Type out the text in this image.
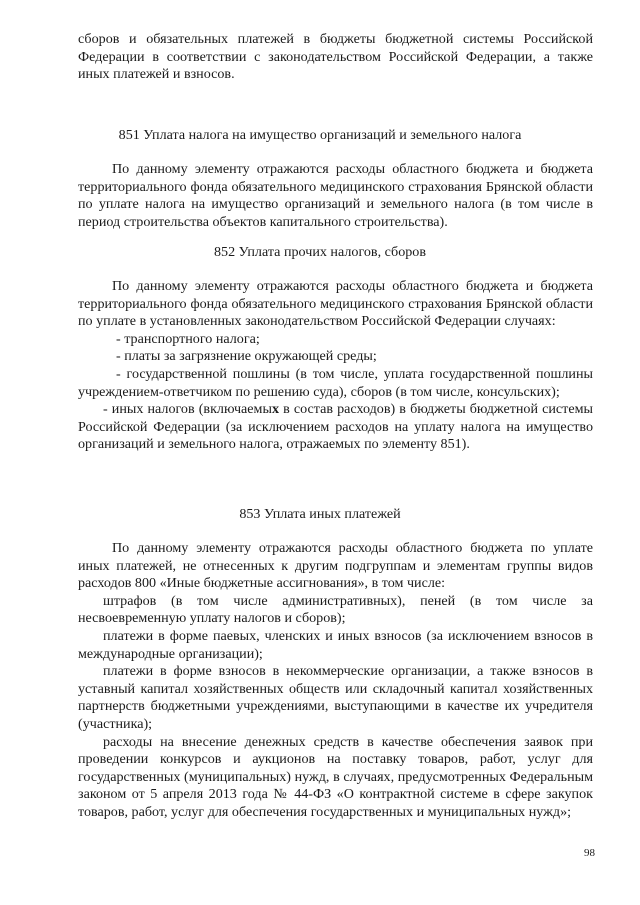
сборов и обязательных платежей в бюджеты бюджетной системы Российской Федерации в соответствии с законодательством Российской Федерации, а также иных платежей и взносов.

851 Уплата налога на имущество организаций и земельного налога

По данному элементу отражаются расходы областного бюджета и бюджета территориального фонда обязательного медицинского страхования Брянской области по уплате налога на имущество организаций и земельного налога (в том числе в период строительства объектов капитального строительства).

852 Уплата прочих налогов, сборов

По данному элементу отражаются расходы областного бюджета и бюджета территориального фонда обязательного медицинского страхования Брянской области по уплате в установленных законодательством Российской Федерации случаях:

- транспортного налога;

- платы за загрязнение окружающей среды;

- государственной пошлины (в том числе, уплата государственной пошлины учреждением-ответчиком по решению суда), сборов (в том числе, консульских);

- иных налогов (включаемых в состав расходов) в бюджеты бюджетной системы Российской Федерации (за исключением расходов на уплату налога на имущество организаций и земельного налога, отражаемых по элементу 851).

853 Уплата иных платежей

По данному элементу отражаются расходы областного бюджета по уплате иных платежей, не отнесенных к другим подгруппам и элементам группы видов расходов 800 «Иные бюджетные ассигнования», в том числе:

штрафов (в том числе административных), пеней (в том числе за несвоевременную уплату налогов и сборов);

платежи в форме паевых, членских и иных взносов (за исключением взносов в международные организации);

платежи в форме взносов в некоммерческие организации, а также взносов в уставный капитал хозяйственных обществ или складочный капитал хозяйственных партнерств бюджетными учреждениями, выступающими в качестве их учредителя (участника);

расходы на внесение денежных средств в качестве обеспечения заявок при проведении конкурсов и аукционов на поставку товаров, работ, услуг для государственных (муниципальных) нужд, в случаях, предусмотренных Федеральным законом от 5 апреля 2013 года № 44-ФЗ «О контрактной системе в сфере закупок товаров, работ, услуг для обеспечения государственных и муниципальных нужд»;

98
